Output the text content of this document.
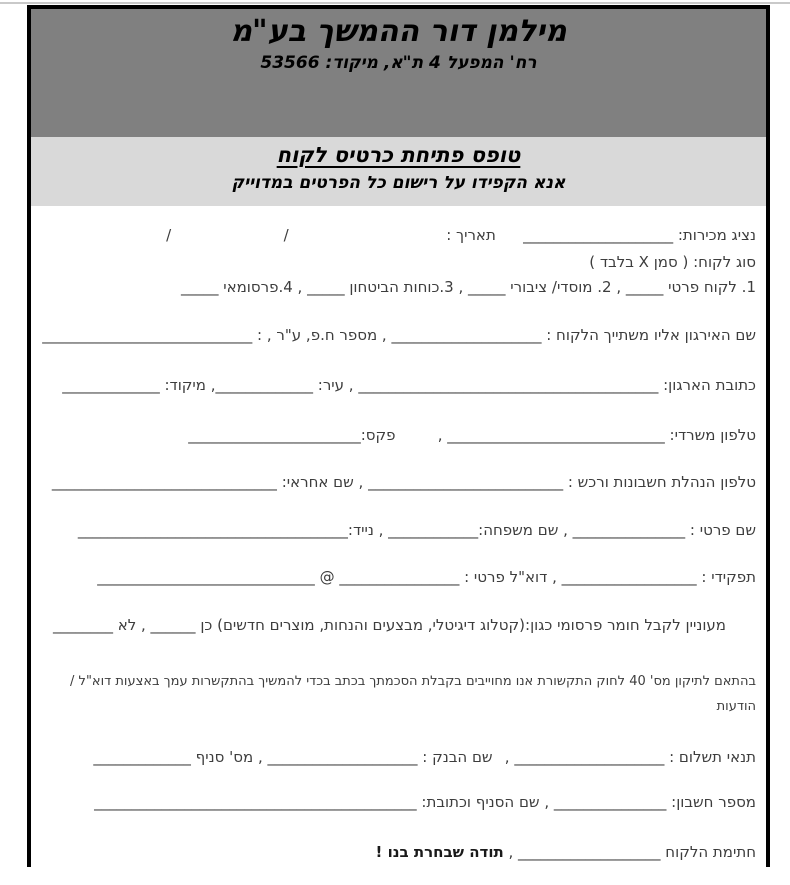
מילמן דור ההמשך בע"מ
רח' המפעל 4 ת"א, מיקוד: 53566
טופס פתיחת כרטיס לקוח
אנא הקפידו על רישום כל הפרטים במדוייק
נציג מכירות: ____________________    תאריך :                     /               /
סוג לקוח: ( סמן X בלבד )
1. לקוח פרטי _____ , 2. מוסדי/ ציבורי _____ , 3.כוחות הביטחון _____ , 4.פרסומאי _____
שם האירגון אליו משתייך הלקוח : ____________________ , מספר ח.פ, ע"ר , : ____________________________
כתובת הארגון: ________________________________________ , עיר: _____________, מיקוד: _____________
טלפון משרדי: _____________________________ ,      פקס:_______________________
טלפון הנהלת חשבונות ורכש : __________________________ , שם אחראי: ______________________________
שם פרטי : _______________ , שם משפחה:____________ , נייד:____________________________________
תפקידי : __________________ , דוא"ל פרטי : ________________ @ _____________________________
מעוניין לקבל חומר פרסומי כגון:(קטלוג דיגיטלי, מבצעים והנחות, מוצרים חדשים) כן ______ , לא ________
בהתאם לתיקון מס' 40 לחוק התקשורת אנו מחוייבים בקבלת הסכמתך בכתב בכדי להמשיך בהתקשרות עמך באצעות דוא"ל / הודעות
תנאי תשלום : ____________________ ,  שם הבנק : ____________________ , מס' סניף _____________
מספר חשבון: _______________ , שם הסניף וכתובת: ___________________________________________
חתימת הלקוח ___________________ , תודה שבחרת בנו !
